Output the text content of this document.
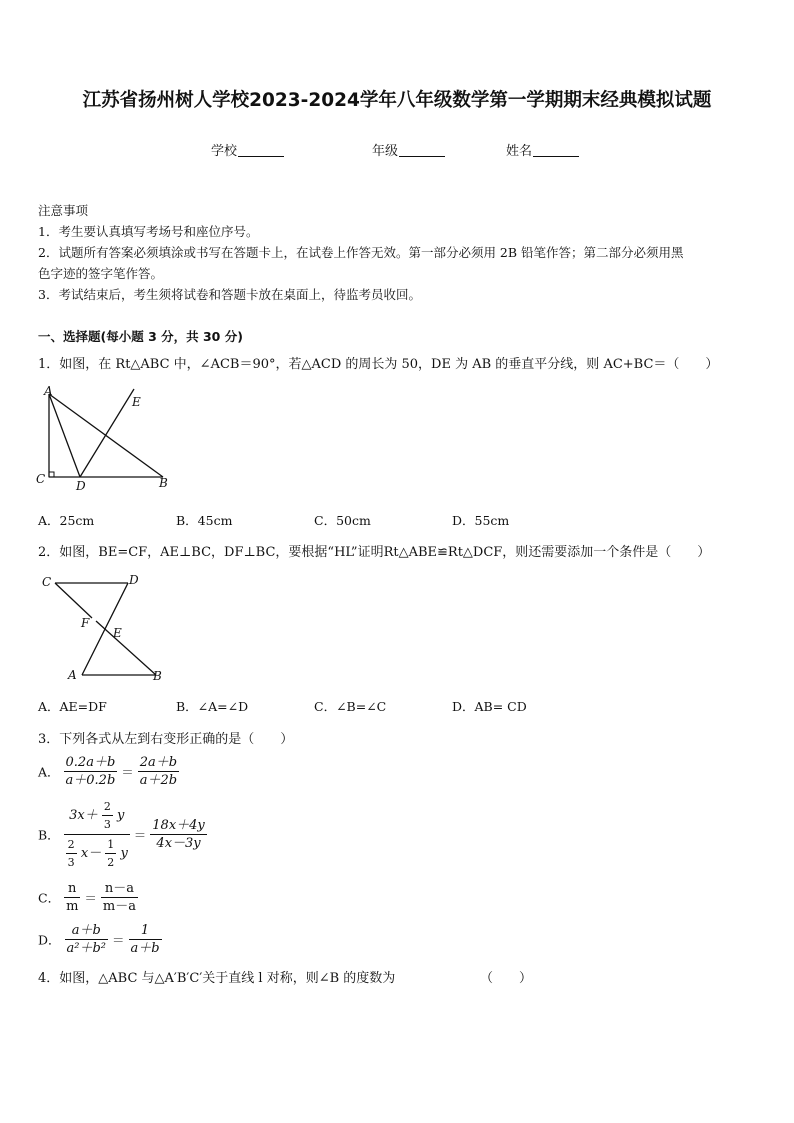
江苏省扬州树人学校2023-2024学年八年级数学第一学期期末经典模拟试题
学校	年级	姓名
注意事项
1．考生要认真填写考场号和座位序号。
2．试题所有答案必须填涂或书写在答题卡上，在试卷上作答无效。第一部分必须用 2B 铅笔作答；第二部分必须用黑
色字迹的签字笔作答。
3．考试结束后，考生须将试卷和答题卡放在桌面上，待监考员收回。
一、选择题(每小题 3 分，共 30 分)
1．如图，在 Rt△ABC 中，∠ACB＝90°，若△ACD 的周长为 50，DE 为 AB 的垂直平分线，则 AC+BC＝（　　）
A
C	D	B
E
A．25cm	B．45cm	C．50cm	D．55cm
2．如图，BE=CF，AE⊥BC，DF⊥BC，要根据“HL”证明Rt△ABE≌Rt△DCF，则还需要添加一个条件是（　　）
C	D
F
E
A	B
A．AE=DF	B．∠A=∠D	C．∠B=∠C	D．AB= CD
3．下列各式从左到右变形正确的是（　　）
A． $\frac{0.2a+b}{a+0.2b} = \frac{2a+b}{a+2b}$
B． $\frac{3x+ \frac{2}{3} y}{\frac{2}{3} x- \frac{1}{2} y} = \frac{18x+4y}{4x-3y}$
C． $\frac{n}{m} = \frac{n-a}{m-a}$
D． $\frac{a+b}{\text{a²＋b²}} = \frac{1}{a+b}$
4．如图，△ABC 与△A′B′C′关于直线 l 对称，则∠B 的度数为	（　　）
